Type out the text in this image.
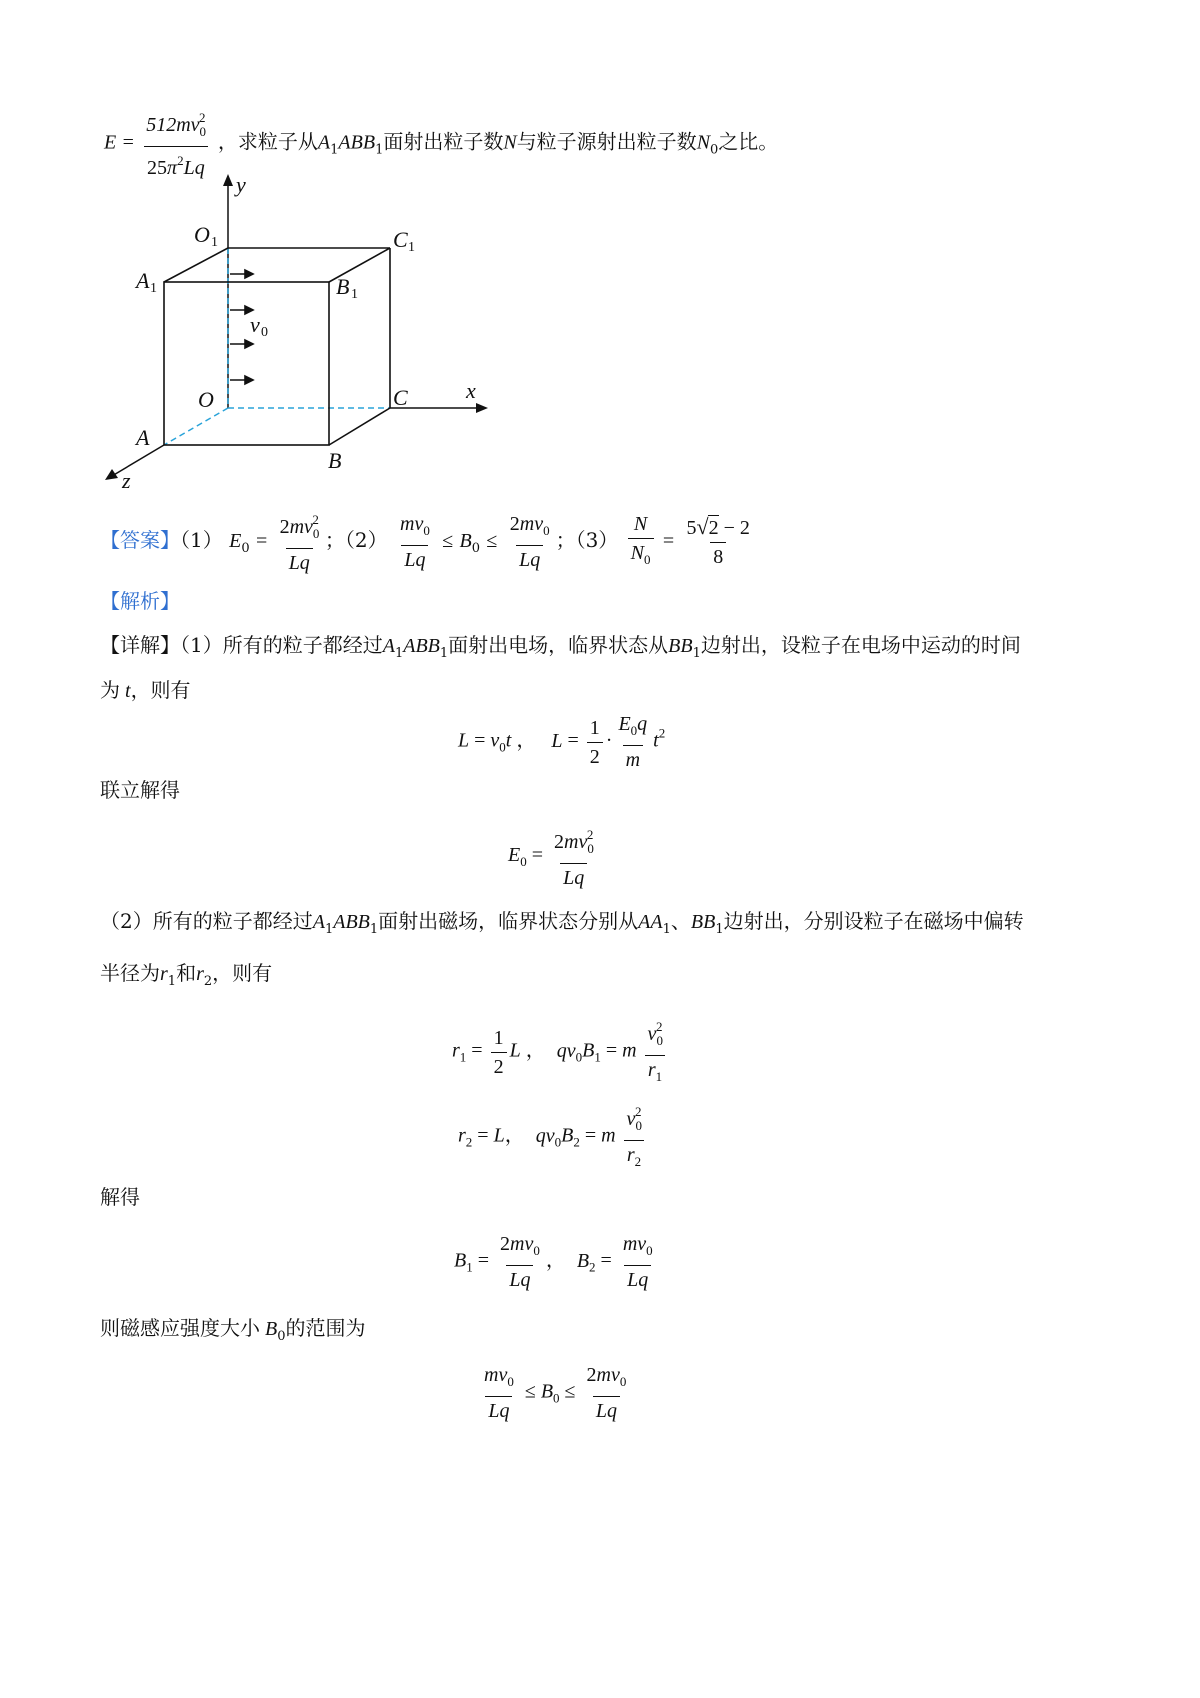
$E = \frac{512mv_0^2}{25\pi^2Lq}$ ，求粒子从$A_1ABB_1$面射出粒子数N与粒子源射出粒子数$N_0$之比。
y
x
z
O 1	C 1
A 1	B 1
v 0
O	C
A
B
【答案】（1） $E_0 = \frac{2mv_0^2}{Lq}$ ；$(2) \frac{mv_0}{Lq} \le B_0 \le \frac{2mv_0}{Lq}$ ；$(3) \frac{N}{N_0} = \frac{5√2 - 2}{8}$
【解析】
【详解】（1）所有的粒子都经过$A_1ABB_1$面射出电场，临界状态从$BB_1$边射出，设粒子在电场中运动的时间
为 t，则有
$L = v_0t$ ， $L = \frac{1}{2} \cdot \frac{E_0q}{m} t^2$
联立解得
$E_0 = \frac{2mv_0^2}{Lq}$
（2）所有的粒子都经过$A_1ABB_1$面射出磁场，临界状态分别从$AA_1$、$BB_1$边射出，分别设粒子在磁场中偏转
半径为$r_1$和$r_2$，则有
$r_1 = \frac{1}{2}$ L ， $qv_0B_1 = m \frac{v_0^2}{r_1}$
$r_2 = L$， $qv_0B_2 = m \frac{v_0^2}{r_2}$
解得
$B_1 = \frac{2mv_0}{Lq}$ ， $B_2 = \frac{mv_0}{Lq}$
则磁感应强度大小 $B_0$的范围为
$\frac{mv_0}{Lq} \le B_0 \le \frac{2mv_0}{Lq}$
